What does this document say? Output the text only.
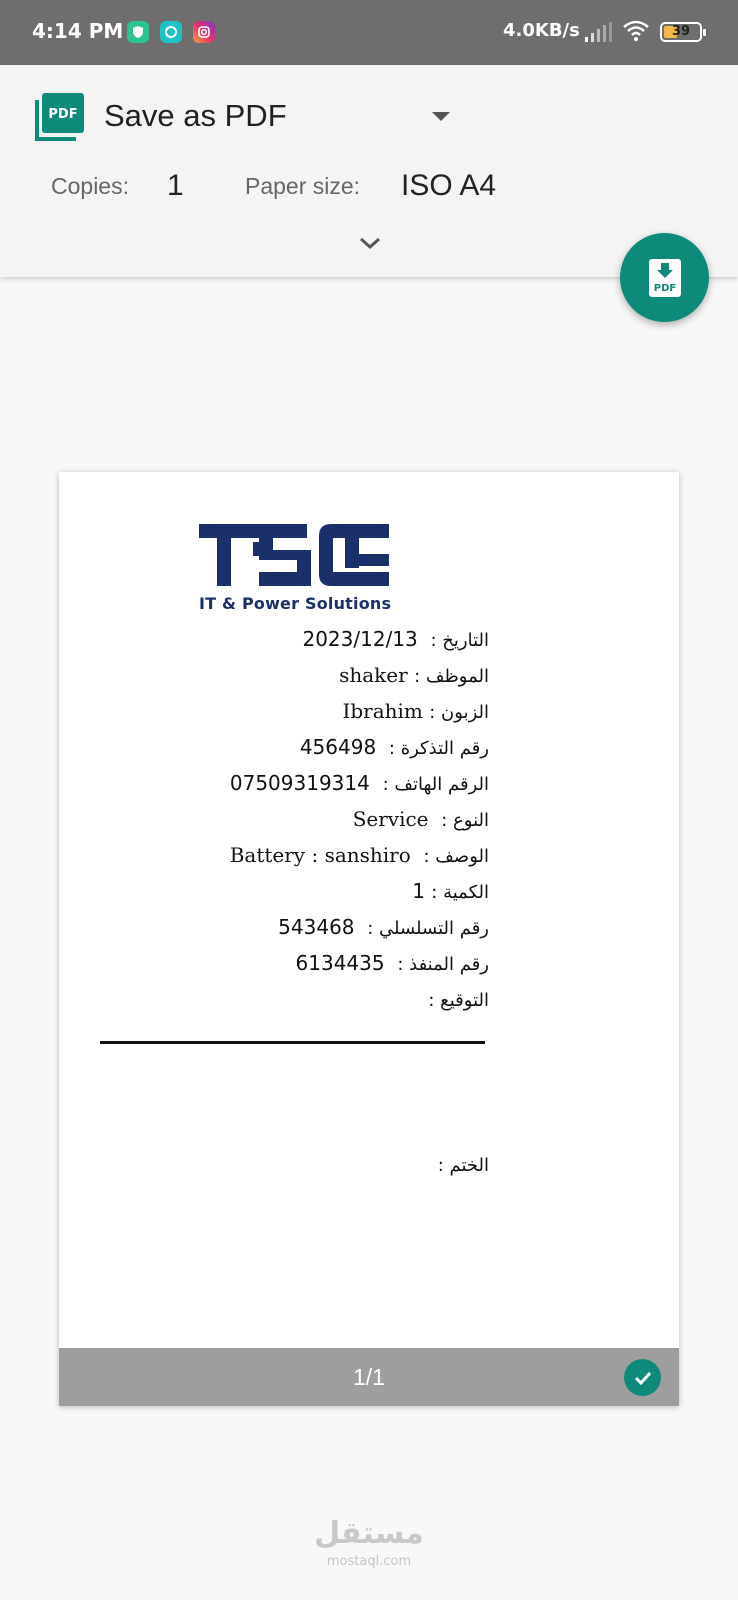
4:14 PM	4.0KB/s	39
PDF Save as PDF
Copies: 1	Paper size: ISO A4
PDF
IT & Power Solutions
التاريخ :  2023/12/13
الموظف : shaker
الزبون : Ibrahim
رقم التذكرة :  456498
الرقم الهاتف :  07509319314
النوع :  Service
الوصف :  Battery : sanshiro
الكمية : 1
رقم التسلسلي :  543468
رقم المنفذ :  6134435
التوقيع :
الختم :
1/1
مستقل
mostaql.com
